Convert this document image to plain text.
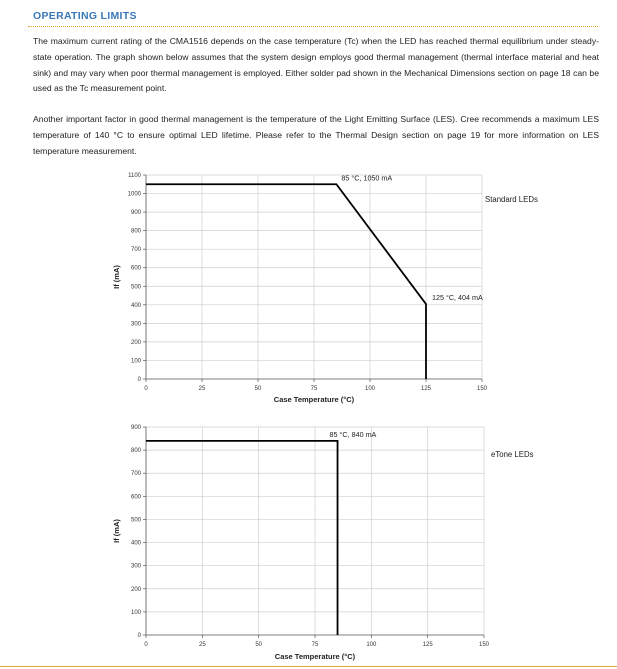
OPERATING LIMITS

The maximum current rating of the CMA1516 depends on the case temperature (Tc) when the LED has reached thermal equilibrium under steady-state operation. The graph shown below assumes that the system design employs good thermal management (thermal interface material and heat sink) and may vary when poor thermal management is employed. Either solder pad shown in the Mechanical Dimensions section on page 18 can be used as the Tc measurement point.

Another important factor in good thermal management is the temperature of the Light Emitting Surface (LES). Cree recommends a maximum LES temperature of 140 °C to ensure optimal LED lifetime. Please refer to the Thermal Design section on page 19 for more information on LES temperature measurement.

0
100
200
300
400
500
600
700
800
900
1000
1100
0	25	50	75	100	125	150
85 °C, 1050 mA
125 °C, 404 mA
Case Temperature (°C)
If (mA)
Standard LEDs
0
100
200
300
400
500
600
700
800
900
0	25	50	75	100	125	150
85 °C, 840 mA
Case Temperature (°C)
If (mA)
eTone LEDs
